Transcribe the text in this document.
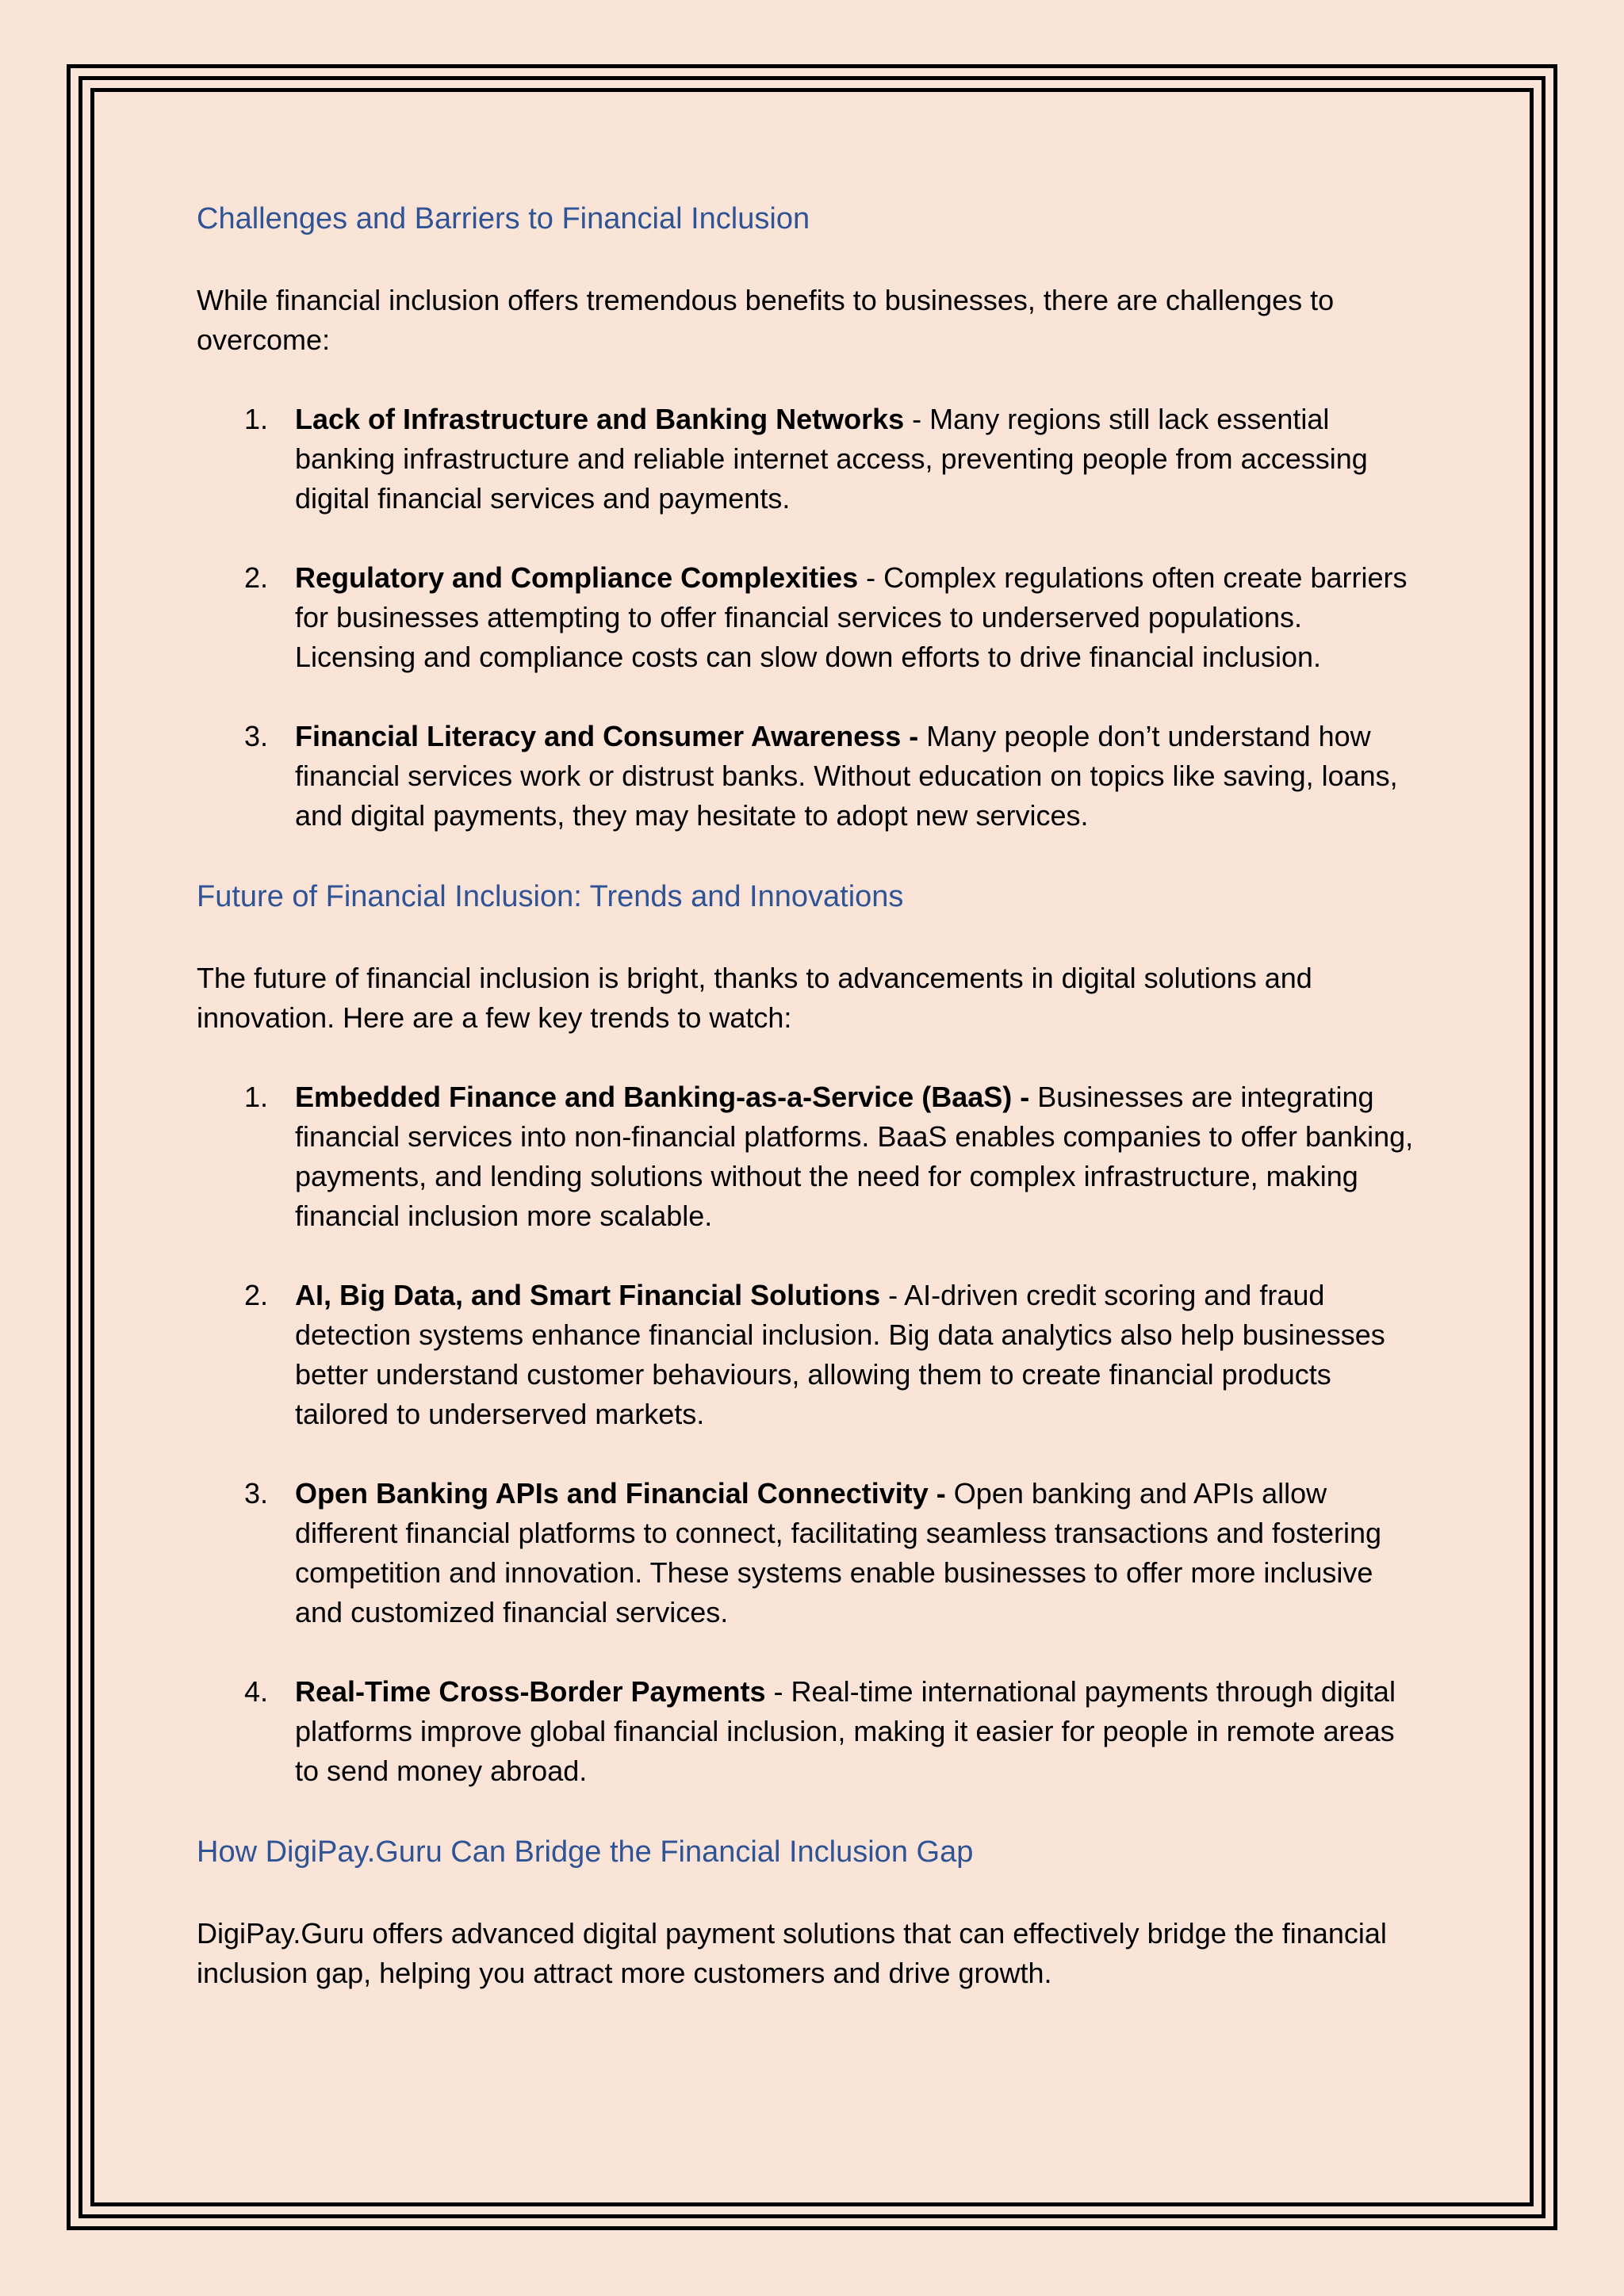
Challenges and Barriers to Financial Inclusion

While financial inclusion offers tremendous benefits to businesses, there are challenges to overcome:

1. Lack of Infrastructure and Banking Networks - Many regions still lack essential banking infrastructure and reliable internet access, preventing people from accessing digital financial services and payments.
2. Regulatory and Compliance Complexities - Complex regulations often create barriers for businesses attempting to offer financial services to underserved populations. Licensing and compliance costs can slow down efforts to drive financial inclusion.
3. Financial Literacy and Consumer Awareness - Many people don’t understand how financial services work or distrust banks. Without education on topics like saving, loans, and digital payments, they may hesitate to adopt new services.
Future of Financial Inclusion: Trends and Innovations

The future of financial inclusion is bright, thanks to advancements in digital solutions and innovation. Here are a few key trends to watch:

1. Embedded Finance and Banking-as-a-Service (BaaS) - Businesses are integrating financial services into non-financial platforms. BaaS enables companies to offer banking, payments, and lending solutions without the need for complex infrastructure, making financial inclusion more scalable.
2. AI, Big Data, and Smart Financial Solutions - AI-driven credit scoring and fraud detection systems enhance financial inclusion. Big data analytics also help businesses better understand customer behaviours, allowing them to create financial products tailored to underserved markets.
3. Open Banking APIs and Financial Connectivity - Open banking and APIs allow different financial platforms to connect, facilitating seamless transactions and fostering competition and innovation. These systems enable businesses to offer more inclusive and customized financial services.
4. Real-Time Cross-Border Payments - Real-time international payments through digital platforms improve global financial inclusion, making it easier for people in remote areas to send money abroad.
How DigiPay.Guru Can Bridge the Financial Inclusion Gap

DigiPay.Guru offers advanced digital payment solutions that can effectively bridge the financial inclusion gap, helping you attract more customers and drive growth.
